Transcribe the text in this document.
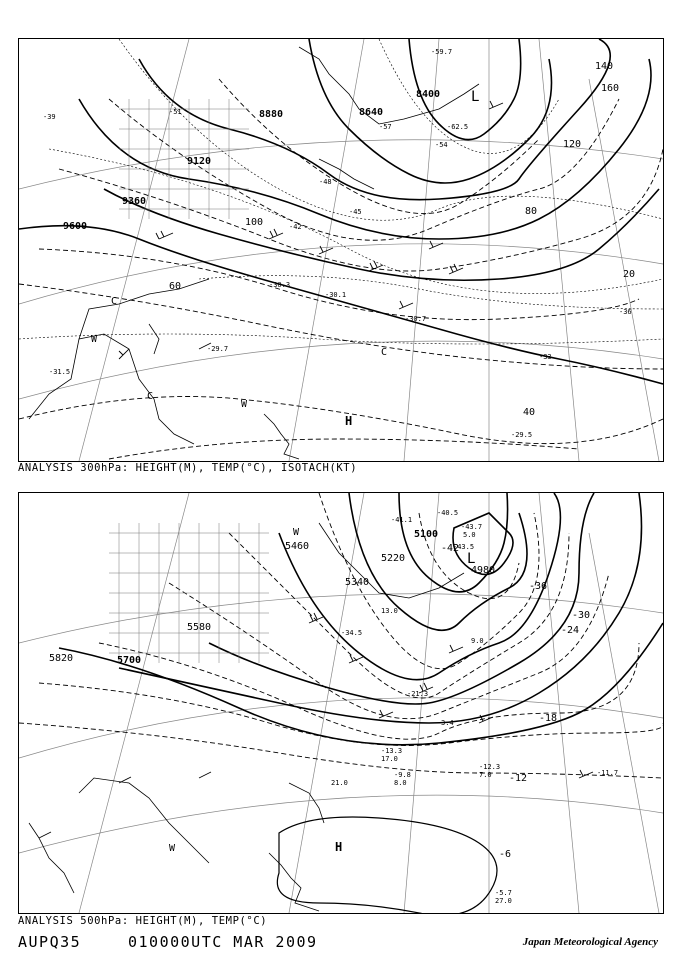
9600
9360
9120
8880	8640
8400
20
40
60
80
100
120
140
160
-30.3
-33
-36
-39
-42
-45
-48
-51
-54
-57
-59.7
-62.5
-30.1
-30.7
-29.5
-31.5
-29.7
L
H
W
W
C
C
C
ANALYSIS 300hPa: HEIGHT(M), TEMP(°C), ISOTACH(KT)
5820	5700
5580
5460
5340
5220
5100
4980
-6
-12
-18
-24
-30
-36
-42
-12.3
-11.7
-5.7
-9.8
-13.3
-21.3
-40.5
-43.7
-43.5
-41.1
-34.5
7.0
8.0
13.0
17.0
21.0
27.0
3.4
5.0
9.0
L
H
W
W
ANALYSIS 500hPa: HEIGHT(M), TEMP(°C)
AUPQ35	010000UTC MAR 2009	Japan Meteorological Agency
